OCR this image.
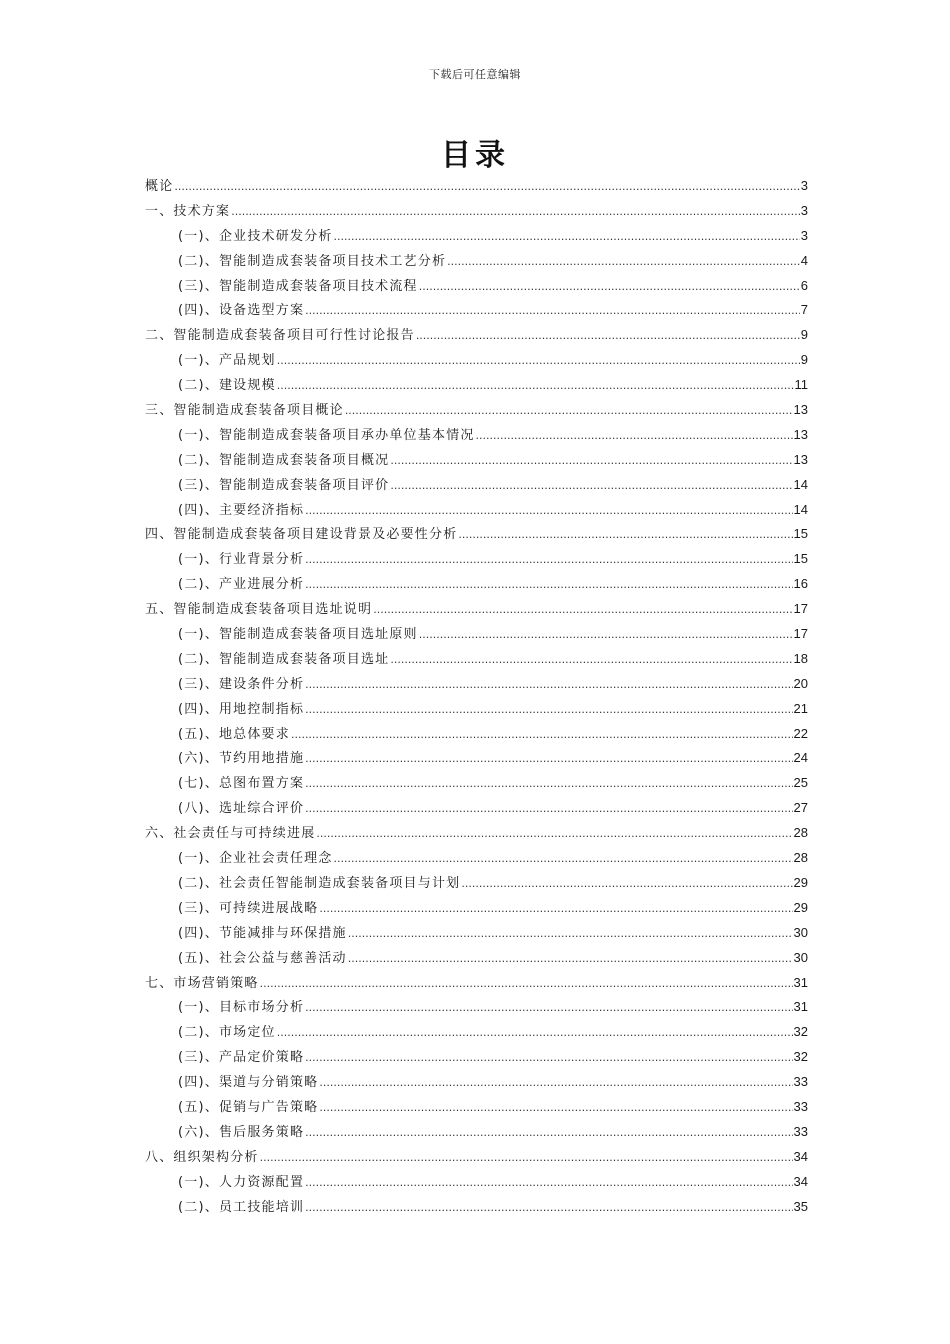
下载后可任意编辑
目录
概论 .....	3
一、技术方案 .....	3
(一)、企业技术研发分析 .....	3
(二)、智能制造成套装备项目技术工艺分析 .....	4
(三)、智能制造成套装备项目技术流程 .....	6
(四)、设备选型方案 .....	7
二、智能制造成套装备项目可行性讨论报告 .....	9
(一)、产品规划 .....	9
(二)、建设规模 .....	11
三、智能制造成套装备项目概论 .....	13
(一)、智能制造成套装备项目承办单位基本情况 .....	13
(二)、智能制造成套装备项目概况 .....	13
(三)、智能制造成套装备项目评价 .....	14
(四)、主要经济指标 .....	14
四、智能制造成套装备项目建设背景及必要性分析 .....	15
(一)、行业背景分析 .....	15
(二)、产业进展分析 .....	16
五、智能制造成套装备项目选址说明 .....	17
(一)、智能制造成套装备项目选址原则 .....	17
(二)、智能制造成套装备项目选址 .....	18
(三)、建设条件分析 .....	20
(四)、用地控制指标 .....	21
(五)、地总体要求 .....	22
(六)、节约用地措施 .....	24
(七)、总图布置方案 .....	25
(八)、选址综合评价 .....	27
六、社会责任与可持续进展 .....	28
(一)、企业社会责任理念 .....	28
(二)、社会责任智能制造成套装备项目与计划 .....	29
(三)、可持续进展战略 .....	29
(四)、节能减排与环保措施 .....	30
(五)、社会公益与慈善活动 .....	30
七、市场营销策略 .....	31
(一)、目标市场分析 .....	31
(二)、市场定位 .....	32
(三)、产品定价策略 .....	32
(四)、渠道与分销策略 .....	33
(五)、促销与广告策略 .....	33
(六)、售后服务策略 .....	33
八、组织架构分析 .....	34
(一)、人力资源配置 .....	34
(二)、员工技能培训 .....	35
